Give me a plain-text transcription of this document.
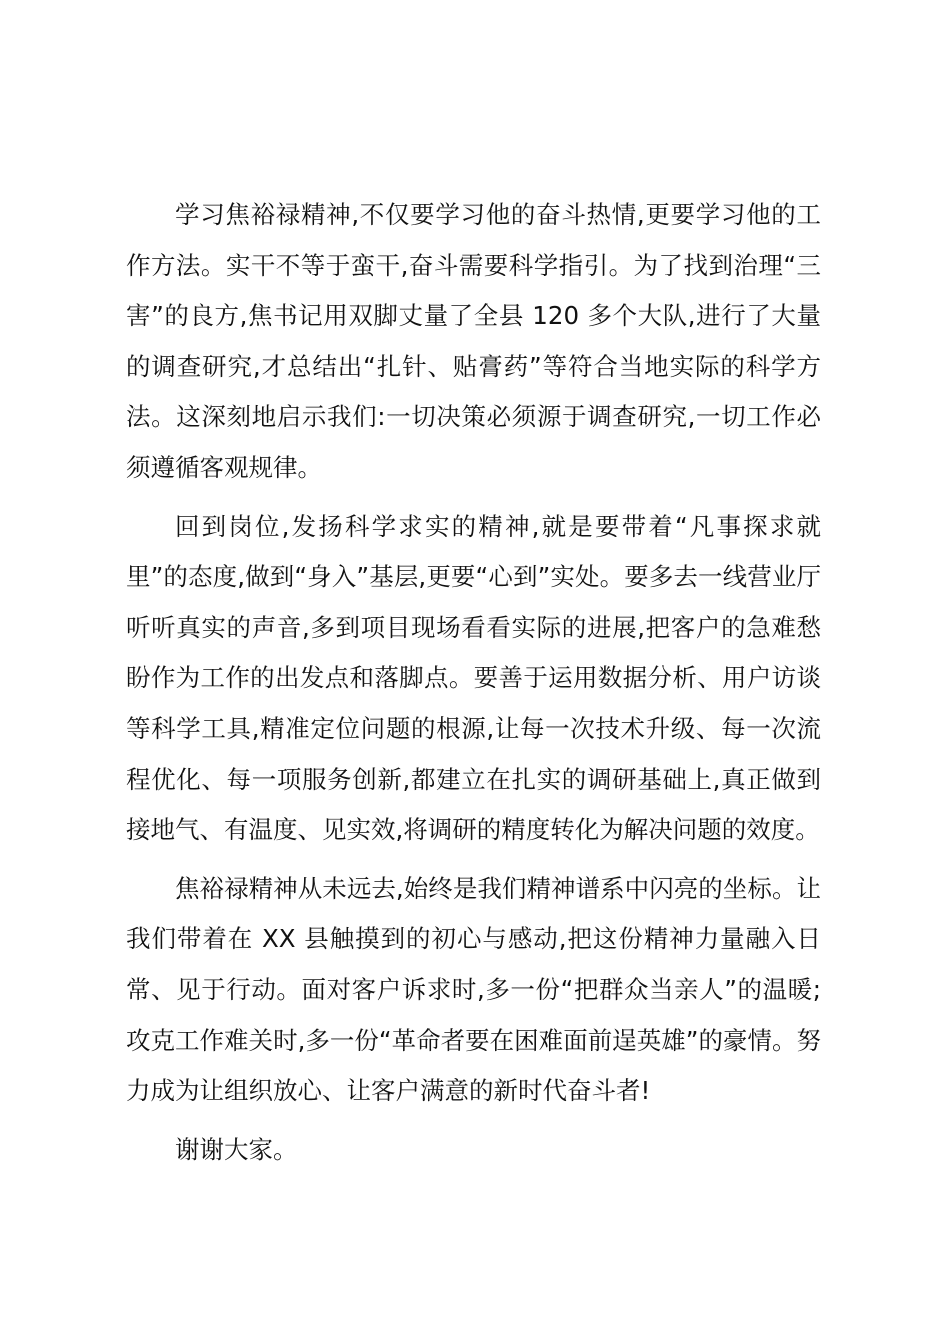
学习焦裕禄精神,不仅要学习他的奋斗热情,更要学习他的工作方法。实干不等于蛮干,奋斗需要科学指引。为了找到治理“三害”的良方,焦书记用双脚丈量了全县 120 多个大队,进行了大量的调查研究,才总结出“扎针、贴膏药”等符合当地实际的科学方法。这深刻地启示我们:一切决策必须源于调查研究,一切工作必须遵循客观规律。

回到岗位,发扬科学求实的精神,就是要带着“凡事探求就里”的态度,做到“身入”基层,更要“心到”实处。要多去一线营业厅听听真实的声音,多到项目现场看看实际的进展,把客户的急难愁盼作为工作的出发点和落脚点。要善于运用数据分析、用户访谈等科学工具,精准定位问题的根源,让每一次技术升级、每一次流程优化、每一项服务创新,都建立在扎实的调研基础上,真正做到接地气、有温度、见实效,将调研的精度转化为解决问题的效度。

焦裕禄精神从未远去,始终是我们精神谱系中闪亮的坐标。让我们带着在 XX 县触摸到的初心与感动,把这份精神力量融入日常、见于行动。面对客户诉求时,多一份“把群众当亲人”的温暖;攻克工作难关时,多一份“革命者要在困难面前逞英雄”的豪情。努力成为让组织放心、让客户满意的新时代奋斗者!

谢谢大家。
